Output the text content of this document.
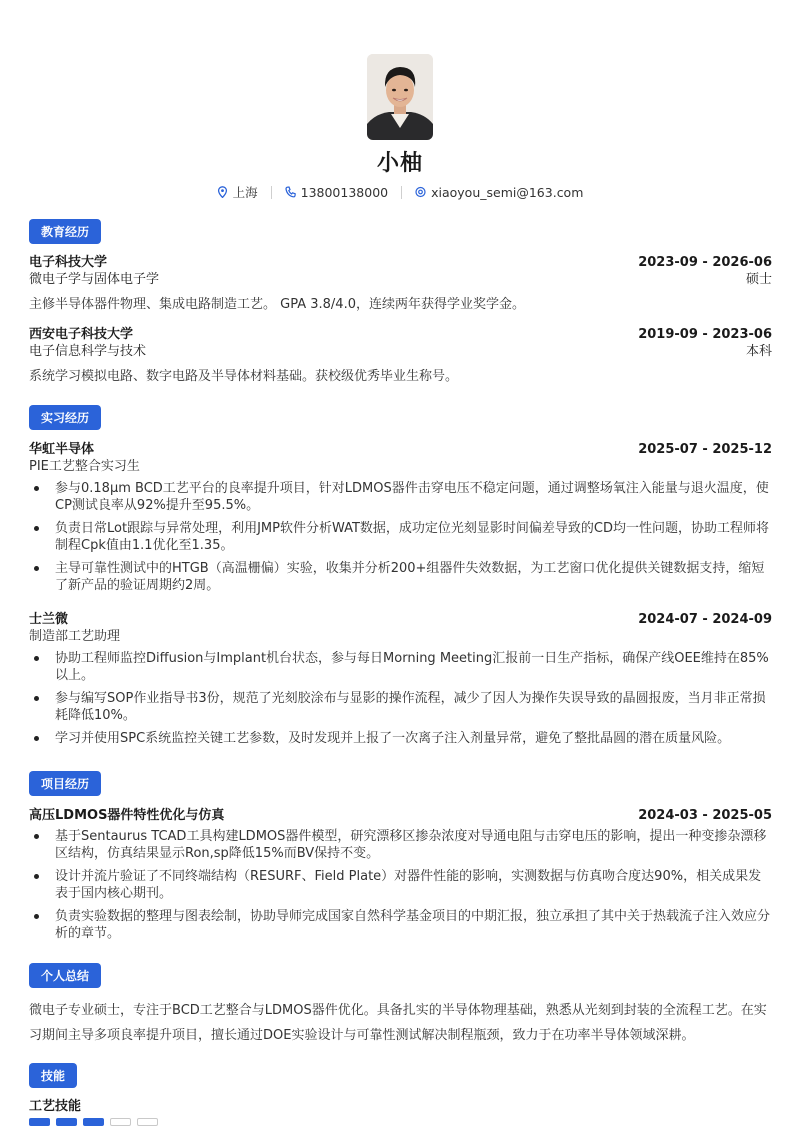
小柚
上海	13800138000	xiaoyou_semi@163.com
教育经历
电子科技大学	2023-09 - 2026-06
微电子学与固体电子学	硕士
主修半导体器件物理、集成电路制造工艺。 GPA 3.8/4.0，连续两年获得学业奖学金。
西安电子科技大学	2019-09 - 2023-06
电子信息科学与技术	本科
系统学习模拟电路、数字电路及半导体材料基础。获校级优秀毕业生称号。
实习经历
华虹半导体	2025-07 - 2025-12
PIE工艺整合实习生
参与0.18μm BCD工艺平台的良率提升项目，针对LDMOS器件击穿电压不稳定问题，通过调整场氧注入能量与退火温度，使CP测试良率从92%提升至95.5%。
负责日常Lot跟踪与异常处理，利用JMP软件分析WAT数据，成功定位光刻显影时间偏差导致的CD均一性问题，协助工程师将制程Cpk值由1.1优化至1.35。
主导可靠性测试中的HTGB（高温栅偏）实验，收集并分析200+组器件失效数据，为工艺窗口优化提供关键数据支持，缩短了新产品的验证周期约2周。
士兰微	2024-07 - 2024-09
制造部工艺助理
协助工程师监控Diffusion与Implant机台状态，参与每日Morning Meeting汇报前一日生产指标，确保产线OEE维持在85%以上。
参与编写SOP作业指导书3份，规范了光刻胶涂布与显影的操作流程，减少了因人为操作失误导致的晶圆报废，当月非正常损耗降低10%。
学习并使用SPC系统监控关键工艺参数，及时发现并上报了一次离子注入剂量异常，避免了整批晶圆的潜在质量风险。
项目经历
高压LDMOS器件特性优化与仿真	2024-03 - 2025-05
基于Sentaurus TCAD工具构建LDMOS器件模型，研究漂移区掺杂浓度对导通电阻与击穿电压的影响，提出一种变掺杂漂移区结构，仿真结果显示Ron,sp降低15%而BV保持不变。
设计并流片验证了不同终端结构（RESURF、Field Plate）对器件性能的影响，实测数据与仿真吻合度达90%，相关成果发表于国内核心期刊。
负责实验数据的整理与图表绘制，协助导师完成国家自然科学基金项目的中期汇报，独立承担了其中关于热载流子注入效应分析的章节。
个人总结
微电子专业硕士，专注于BCD工艺整合与LDMOS器件优化。具备扎实的半导体物理基础，熟悉从光刻到封装的全流程工艺。在实习期间主导多项良率提升项目，擅长通过DOE实验设计与可靠性测试解决制程瓶颈，致力于在功率半导体领域深耕。
技能
工艺技能
